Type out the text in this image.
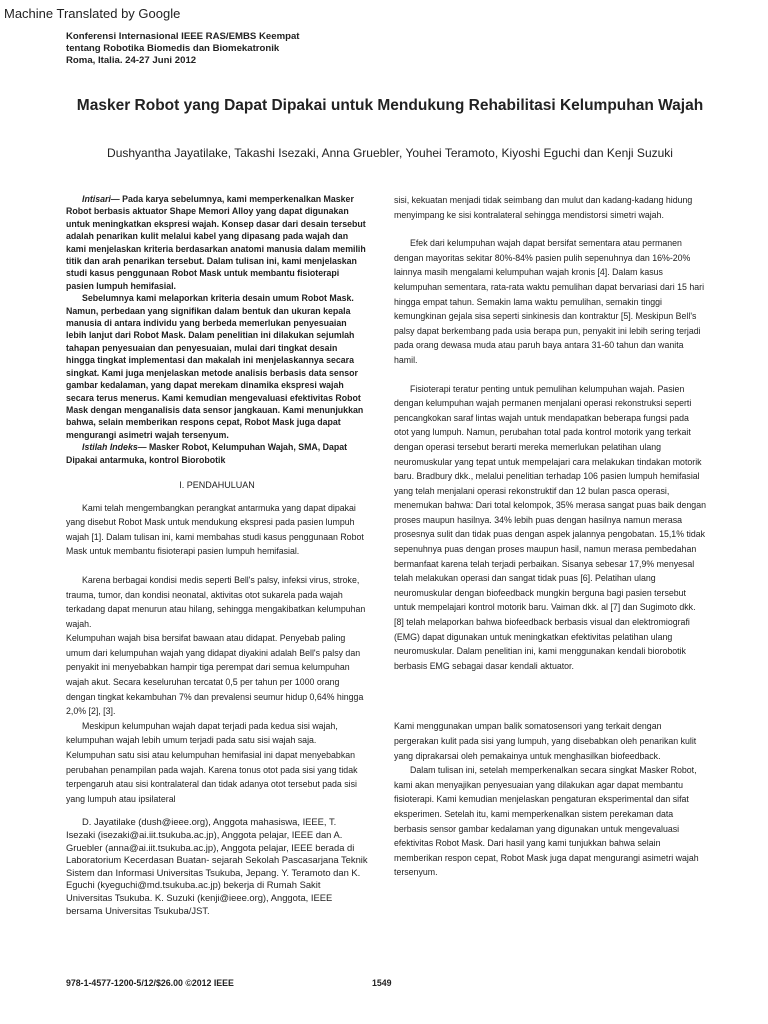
Machine Translated by Google
Konferensi Internasional IEEE RAS/EMBS Keempat
tentang Robotika Biomedis dan Biomekatronik
Roma, Italia. 24-27 Juni 2012
Masker Robot yang Dapat Dipakai untuk Mendukung Rehabilitasi Kelumpuhan Wajah
Dushyantha Jayatilake, Takashi Isezaki, Anna Gruebler, Youhei Teramoto, Kiyoshi Eguchi dan Kenji Suzuki

Intisari— Pada karya sebelumnya, kami memperkenalkan Masker Robot berbasis aktuator Shape Memori Alloy yang dapat digunakan untuk meningkatkan ekspresi wajah. Konsep dasar dari desain tersebut adalah penarikan kulit melalui kabel yang dipasang pada wajah dan kami menjelaskan kriteria berdasarkan anatomi manusia dalam memilih titik dan arah penarikan tersebut. Dalam tulisan ini, kami menjelaskan studi kasus penggunaan Robot Mask untuk membantu fisioterapi pasien lumpuh hemifasial.

Sebelumnya kami melaporkan kriteria desain umum Robot Mask. Namun, perbedaan yang signifikan dalam bentuk dan ukuran kepala manusia di antara individu yang berbeda memerlukan penyesuaian lebih lanjut dari Robot Mask. Dalam penelitian ini dilakukan sejumlah tahapan penyesuaian dan penyesuaian, mulai dari tingkat desain hingga tingkat implementasi dan makalah ini menjelaskannya secara singkat. Kami juga menjelaskan metode analisis berbasis data sensor gambar kedalaman, yang dapat merekam dinamika ekspresi wajah secara terus menerus. Kami kemudian mengevaluasi efektivitas Robot Mask dengan menganalisis data sensor jangkauan. Kami menunjukkan bahwa, selain memberikan respons cepat, Robot Mask juga dapat mengurangi asimetri wajah tersenyum.

Istilah Indeks— Masker Robot, Kelumpuhan Wajah, SMA, Dapat Dipakai antarmuka, kontrol Biorobotik

I. PENDAHULUAN

Kami telah mengembangkan perangkat antarmuka yang dapat dipakai yang disebut Robot Mask untuk mendukung ekspresi pada pasien lumpuh wajah [1]. Dalam tulisan ini, kami membahas studi kasus penggunaan Robot Mask untuk membantu fisioterapi pasien lumpuh hemifasial.

Karena berbagai kondisi medis seperti Bell's palsy, infeksi virus, stroke, trauma, tumor, dan kondisi neonatal, aktivitas otot sukarela pada wajah terkadang dapat menurun atau hilang, sehingga mengakibatkan kelumpuhan wajah.

Kelumpuhan wajah bisa bersifat bawaan atau didapat. Penyebab paling umum dari kelumpuhan wajah yang didapat diyakini adalah Bell's palsy dan penyakit ini menyebabkan hampir tiga perempat dari semua kelumpuhan wajah akut. Secara keseluruhan tercatat 0,5 per tahun per 1000 orang dengan tingkat kekambuhan 7% dan prevalensi seumur hidup 0,64% hingga 2,0% [2], [3].

Meskipun kelumpuhan wajah dapat terjadi pada kedua sisi wajah, kelumpuhan wajah lebih umum terjadi pada satu sisi wajah saja. Kelumpuhan satu sisi atau kelumpuhan hemifasial ini dapat menyebabkan perubahan penampilan pada wajah. Karena tonus otot pada sisi yang tidak terpengaruh atau sisi kontralateral dan tidak adanya otot tersebut pada sisi yang lumpuh atau ipsilateral

D. Jayatilake (dush@ieee.org), Anggota mahasiswa, IEEE, T. Isezaki (isezaki@ai.iit.tsukuba.ac.jp), Anggota pelajar, IEEE dan A. Gruebler (anna@ai.iit.tsukuba.ac.jp), Anggota pelajar, IEEE berada di Laboratorium Kecerdasan Buatan- sejarah Sekolah Pascasarjana Teknik Sistem dan Informasi Universitas Tsukuba, Jepang. Y. Teramoto dan K. Eguchi (kyeguchi@md.tsukuba.ac.jp) bekerja di Rumah Sakit Universitas Tsukuba. K. Suzuki (kenji@ieee.org), Anggota, IEEE bersama Universitas Tsukuba/JST.

sisi, kekuatan menjadi tidak seimbang dan mulut dan kadang-kadang hidung menyimpang ke sisi kontralateral sehingga mendistorsi simetri wajah.

Efek dari kelumpuhan wajah dapat bersifat sementara atau permanen dengan mayoritas sekitar 80%-84% pasien pulih sepenuhnya dan 16%-20% lainnya masih mengalami kelumpuhan wajah kronis [4]. Dalam kasus kelumpuhan sementara, rata-rata waktu pemulihan dapat bervariasi dari 15 hari hingga empat tahun. Semakin lama waktu pemulihan, semakin tinggi kemungkinan gejala sisa seperti sinkinesis dan kontraktur [5]. Meskipun Bell's palsy dapat berkembang pada usia berapa pun, penyakit ini lebih sering terjadi pada orang dewasa muda atau paruh baya antara 31-60 tahun dan wanita hamil.

Fisioterapi teratur penting untuk pemulihan kelumpuhan wajah. Pasien dengan kelumpuhan wajah permanen menjalani operasi rekonstruksi seperti pencangkokan saraf lintas wajah untuk mendapatkan beberapa fungsi pada otot yang lumpuh. Namun, perubahan total pada kontrol motorik yang terkait dengan operasi tersebut berarti mereka memerlukan pelatihan ulang neuromuskular yang tepat untuk mempelajari cara melakukan tindakan motorik baru. Bradbury dkk., melalui penelitian terhadap 106 pasien lumpuh hemifasial yang telah menjalani operasi rekonstruktif dan 12 bulan pasca operasi, menemukan bahwa: Dari total kelompok, 35% merasa sangat puas baik dengan proses maupun hasilnya. 34% lebih puas dengan hasilnya namun merasa prosesnya sulit dan tidak puas dengan aspek jalannya pengobatan. 15,1% tidak sepenuhnya puas dengan proses maupun hasil, namun merasa pembedahan bermanfaat karena telah terjadi perbaikan. Sisanya sebesar 17,9% menyesal telah melakukan operasi dan sangat tidak puas [6]. Pelatihan ulang neuromuskular dengan biofeedback mungkin berguna bagi pasien tersebut untuk mempelajari kontrol motorik baru. Vaiman dkk. al [7] dan Sugimoto dkk. [8] telah melaporkan bahwa biofeedback berbasis visual dan elektromiografi (EMG) dapat digunakan untuk meningkatkan efektivitas pelatihan ulang neuromuskular. Dalam penelitian ini, kami menggunakan kendali biorobotik berbasis EMG sebagai dasar kendali aktuator.

Kami menggunakan umpan balik somatosensori yang terkait dengan pergerakan kulit pada sisi yang lumpuh, yang disebabkan oleh penarikan kulit yang diprakarsai oleh pemakainya untuk menghasilkan biofeedback.

Dalam tulisan ini, setelah memperkenalkan secara singkat Masker Robot, kami akan menyajikan penyesuaian yang dilakukan agar dapat membantu fisioterapi. Kami kemudian menjelaskan pengaturan eksperimental dan sifat eksperimen. Setelah itu, kami memperkenalkan sistem perekaman data berbasis sensor gambar kedalaman yang digunakan untuk mengevaluasi efektivitas Robot Mask. Dari hasil yang kami tunjukkan bahwa selain memberikan respon cepat, Robot Mask juga dapat mengurangi asimetri wajah tersenyum.

978-1-4577-1200-5/12/$26.00 ©2012 IEEE	1549
